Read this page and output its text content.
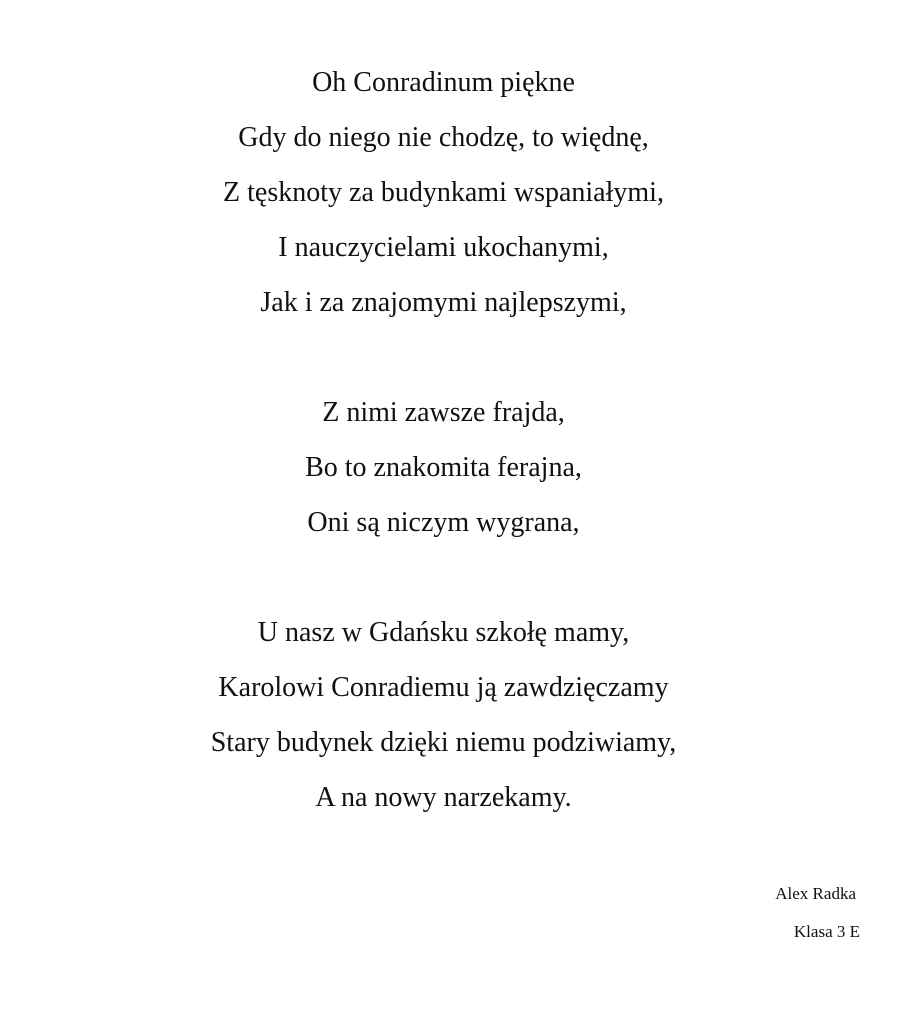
Oh Conradinum piękne
Gdy do niego nie chodzę, to więdnę,
Z tęsknoty za budynkami wspaniałymi,
I nauczycielami ukochanymi,
Jak i za znajomymi najlepszymi,
Z nimi zawsze frajda,
Bo to znakomita ferajna,
Oni są niczym wygrana,
U nasz w Gdańsku szkołę mamy,
Karolowi Conradiemu ją zawdzięczamy
Stary budynek dzięki niemu podziwiamy,
A na nowy narzekamy.
Alex Radka
Klasa 3 E
